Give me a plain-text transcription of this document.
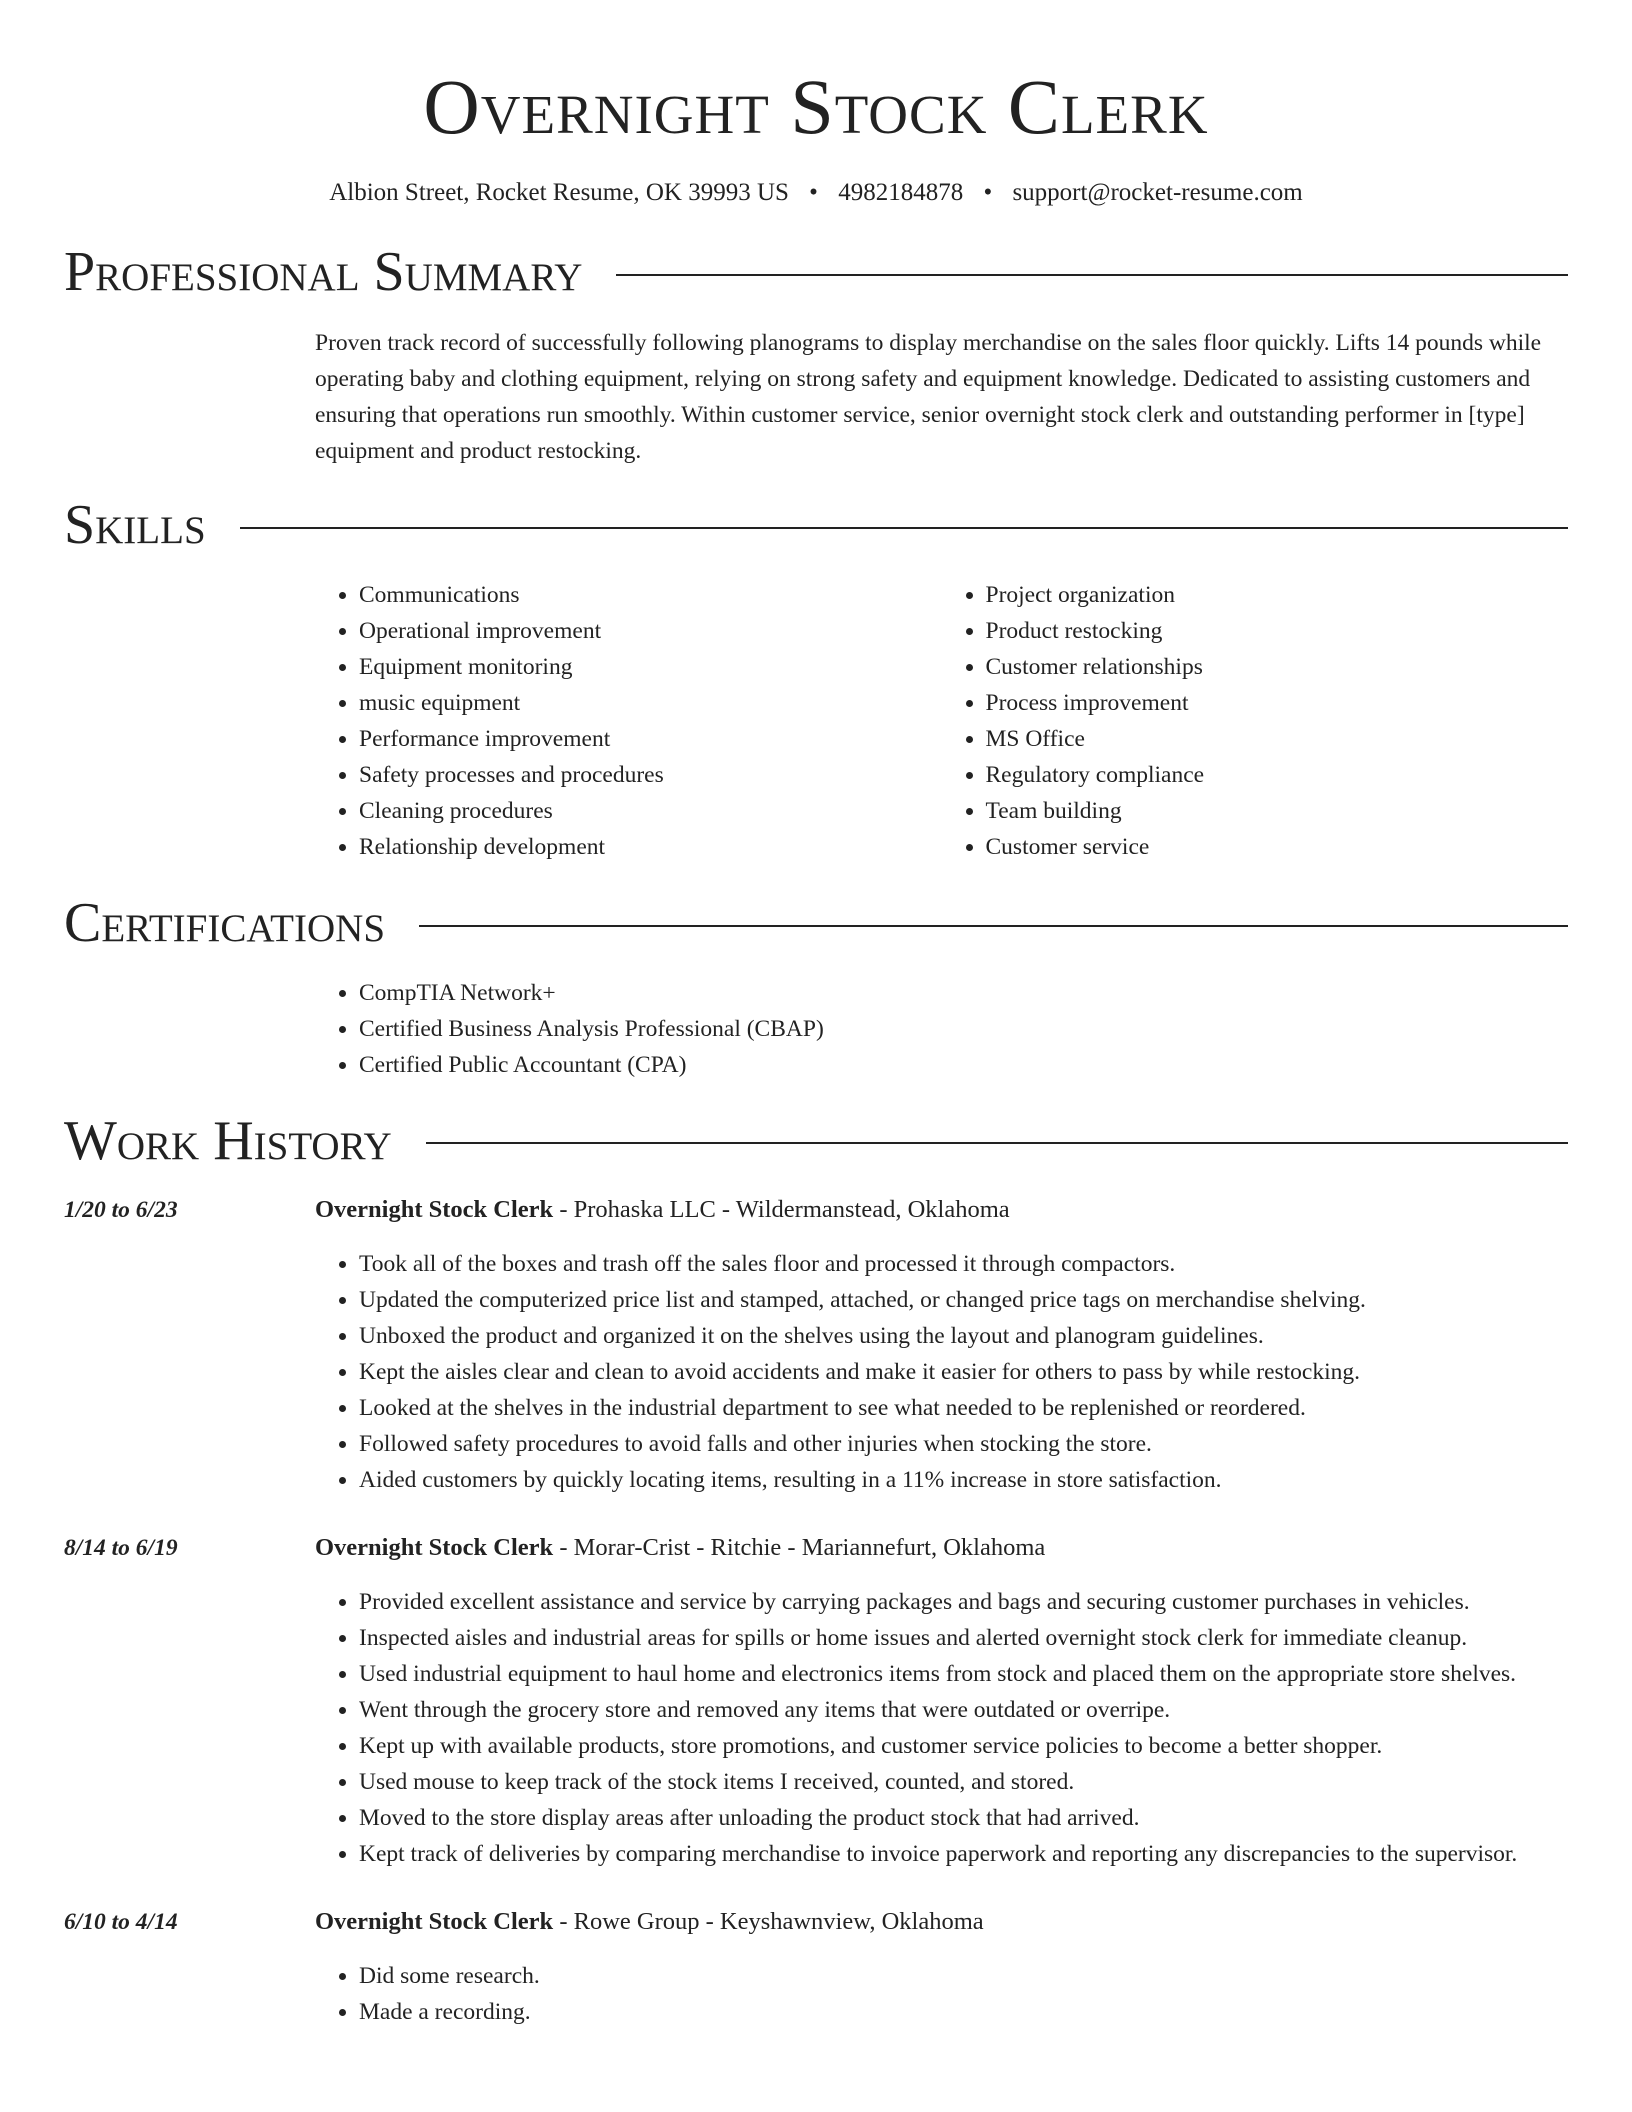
Overnight Stock Clerk
Albion Street, Rocket Resume, OK 39993 US • 4982184878 • support@rocket-resume.com
Professional Summary
Proven track record of successfully following planograms to display merchandise on the sales floor quickly. Lifts 14 pounds while operating baby and clothing equipment, relying on strong safety and equipment knowledge. Dedicated to assisting customers and ensuring that operations run smoothly. Within customer service, senior overnight stock clerk and outstanding performer in [type] equipment and product restocking.
Skills
• Communications
• Operational improvement
• Equipment monitoring
• music equipment
• Performance improvement
• Safety processes and procedures
• Cleaning procedures
• Relationship development
• Project organization
• Product restocking
• Customer relationships
• Process improvement
• MS Office
• Regulatory compliance
• Team building
• Customer service
Certifications
• CompTIA Network+
• Certified Business Analysis Professional (CBAP)
• Certified Public Accountant (CPA)
Work History
1/20 to 6/23	Overnight Stock Clerk - Prohaska LLC - Wildermanstead, Oklahoma
• Took all of the boxes and trash off the sales floor and processed it through compactors.
• Updated the computerized price list and stamped, attached, or changed price tags on merchandise shelving.
• Unboxed the product and organized it on the shelves using the layout and planogram guidelines.
• Kept the aisles clear and clean to avoid accidents and make it easier for others to pass by while restocking.
• Looked at the shelves in the industrial department to see what needed to be replenished or reordered.
• Followed safety procedures to avoid falls and other injuries when stocking the store.
• Aided customers by quickly locating items, resulting in a 11% increase in store satisfaction.
8/14 to 6/19	Overnight Stock Clerk - Morar-Crist - Ritchie - Mariannefurt, Oklahoma
• Provided excellent assistance and service by carrying packages and bags and securing customer purchases in vehicles.
• Inspected aisles and industrial areas for spills or home issues and alerted overnight stock clerk for immediate cleanup.
• Used industrial equipment to haul home and electronics items from stock and placed them on the appropriate store shelves.
• Went through the grocery store and removed any items that were outdated or overripe.
• Kept up with available products, store promotions, and customer service policies to become a better shopper.
• Used mouse to keep track of the stock items I received, counted, and stored.
• Moved to the store display areas after unloading the product stock that had arrived.
• Kept track of deliveries by comparing merchandise to invoice paperwork and reporting any discrepancies to the supervisor.
6/10 to 4/14	Overnight Stock Clerk - Rowe Group - Keyshawnview, Oklahoma
• Did some research.
• Made a recording.
